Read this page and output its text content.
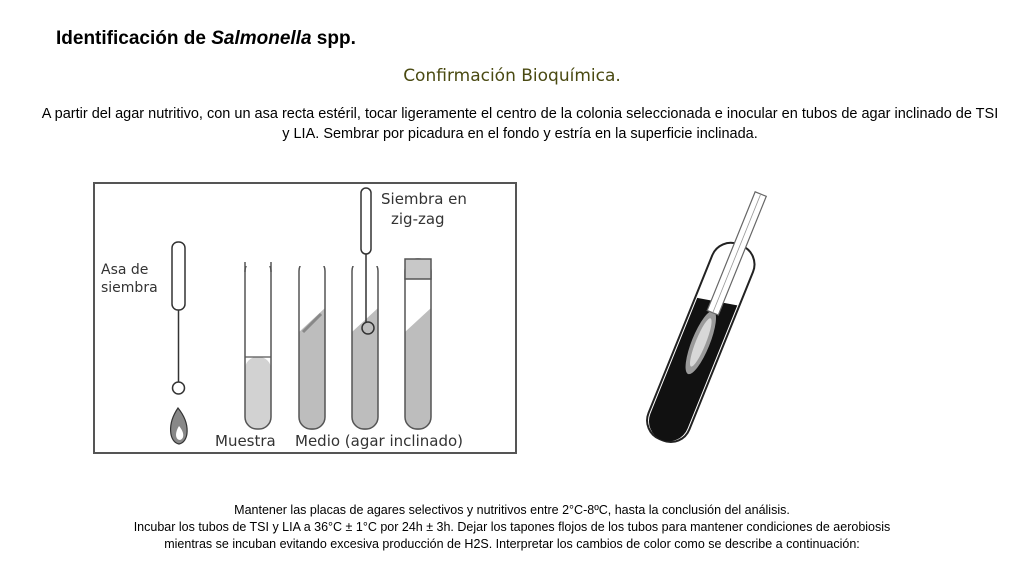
Identificación de Salmonella spp.
Confirmación Bioquímica.
A partir del agar nutritivo, con un asa recta estéril, tocar ligeramente el centro de la colonia seleccionada e inocular en tubos de agar inclinado de TSI y LIA. Sembrar por picadura en el fondo y estría en la superficie inclinada.
Asa de
siembra
Siembra en
zig-zag
Muestra Medio (agar inclinado)
Mantener las placas de agares selectivos y nutritivos entre 2°C-8ºC, hasta la conclusión del análisis.
Incubar los tubos de TSI y LIA a 36°C ± 1°C por 24h ± 3h. Dejar los tapones flojos de los tubos para mantener condiciones de aerobiosis
mientras se incuban evitando excesiva producción de H2S. Interpretar los cambios de color como se describe a continuación:
